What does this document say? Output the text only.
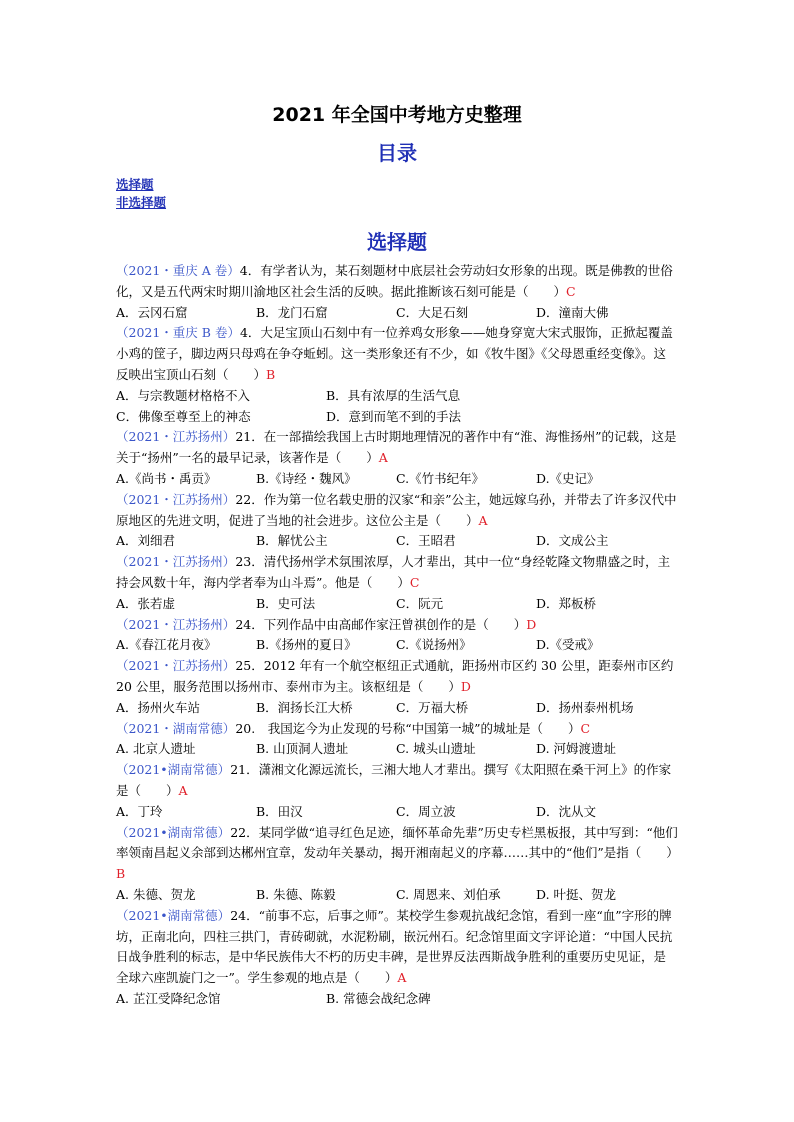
2021 年全国中考地方史整理
目录
选择题
非选择题
选择题

（2021・重庆 A 卷）4．有学者认为，某石刻题材中底层社会劳动妇女形象的出现。既是佛教的世俗化，又是五代两宋时期川渝地区社会生活的反映。据此推断该石刻可能是（　　）C

A．云冈石窟	B．龙门石窟	C．大足石刻	D．潼南大佛

（2021・重庆 B 卷）4．大足宝顶山石刻中有一位养鸡女形象——她身穿宽大宋式服饰，正掀起覆盖小鸡的筐子，脚边两只母鸡在争夺蚯蚓。这一类形象还有不少，如《牧牛图》《父母恩重经变像》。这反映出宝顶山石刻（　　）B

A．与宗教题材格格不入	B．具有浓厚的生活气息
C．佛像至尊至上的神态	D．意到而笔不到的手法

（2021・江苏扬州）21．在一部描绘我国上古时期地理情况的著作中有“淮、海惟扬州”的记载，这是关于“扬州”一名的最早记录，该著作是（　　）A

A.《尚书・禹贡》	B.《诗经・魏风》	C.《竹书纪年》	D.《史记》

（2021・江苏扬州）22．作为第一位名载史册的汉家“和亲”公主，她远嫁乌孙，并带去了许多汉代中原地区的先进文明，促进了当地的社会进步。这位公主是（　　）A

A．刘细君	B．解忧公主	C．王昭君	D．文成公主

（2021・江苏扬州）23．清代扬州学术氛围浓厚，人才辈出，其中一位“身经乾隆文物鼎盛之时，主持会风数十年，海内学者奉为山斗焉”。他是（　　）C

A．张若虚	B．史可法	C．阮元	D．郑板桥

（2021・江苏扬州）24．下列作品中由高邮作家汪曾祺创作的是（　　）D

A.《春江花月夜》	B.《扬州的夏日》	C.《说扬州》	D.《受戒》

（2021・江苏扬州）25．2012 年有一个航空枢纽正式通航，距扬州市区约 30 公里，距泰州市区约 20 公里，服务范围以扬州市、泰州市为主。该枢纽是（　　）D

A．扬州火车站	B．润扬长江大桥	C．万福大桥	D．扬州泰州机场

（2021・湖南常德）20.　我国迄今为止发现的号称“中国第一城”的城址是（　　）C

A. 北京人遗址	B. 山顶洞人遗址	C. 城头山遗址	D. 河姆渡遗址

（2021•湖南常德）21．潇湘文化源远流长，三湘大地人才辈出。撰写《太阳照在桑干河上》的作家是（　　）A

A．丁玲	B．田汉	C．周立波	D．沈从文

（2021•湖南常德）22．某同学做“追寻红色足迹，缅怀革命先辈”历史专栏黑板报，其中写到：“他们率领南昌起义余部到达郴州宜章，发动年关暴动，揭开湘南起义的序幕……其中的“他们”是指（　　）B

A. 朱德、贺龙	B. 朱德、陈毅	C. 周恩来、刘伯承	D. 叶挺、贺龙

（2021•湖南常德）24．“前事不忘，后事之师”。某校学生参观抗战纪念馆，看到一座“血”字形的牌坊，正南北向，四柱三拱门，青砖砌就，水泥粉刷，嵌沅州石。纪念馆里面文字评论道：“中国人民抗日战争胜利的标志，是中华民族伟大不朽的历史丰碑，是世界反法西斯战争胜利的重要历史见证，是全球六座凯旋门之一”。学生参观的地点是（　　）A

A. 芷江受降纪念馆	B. 常德会战纪念碑
